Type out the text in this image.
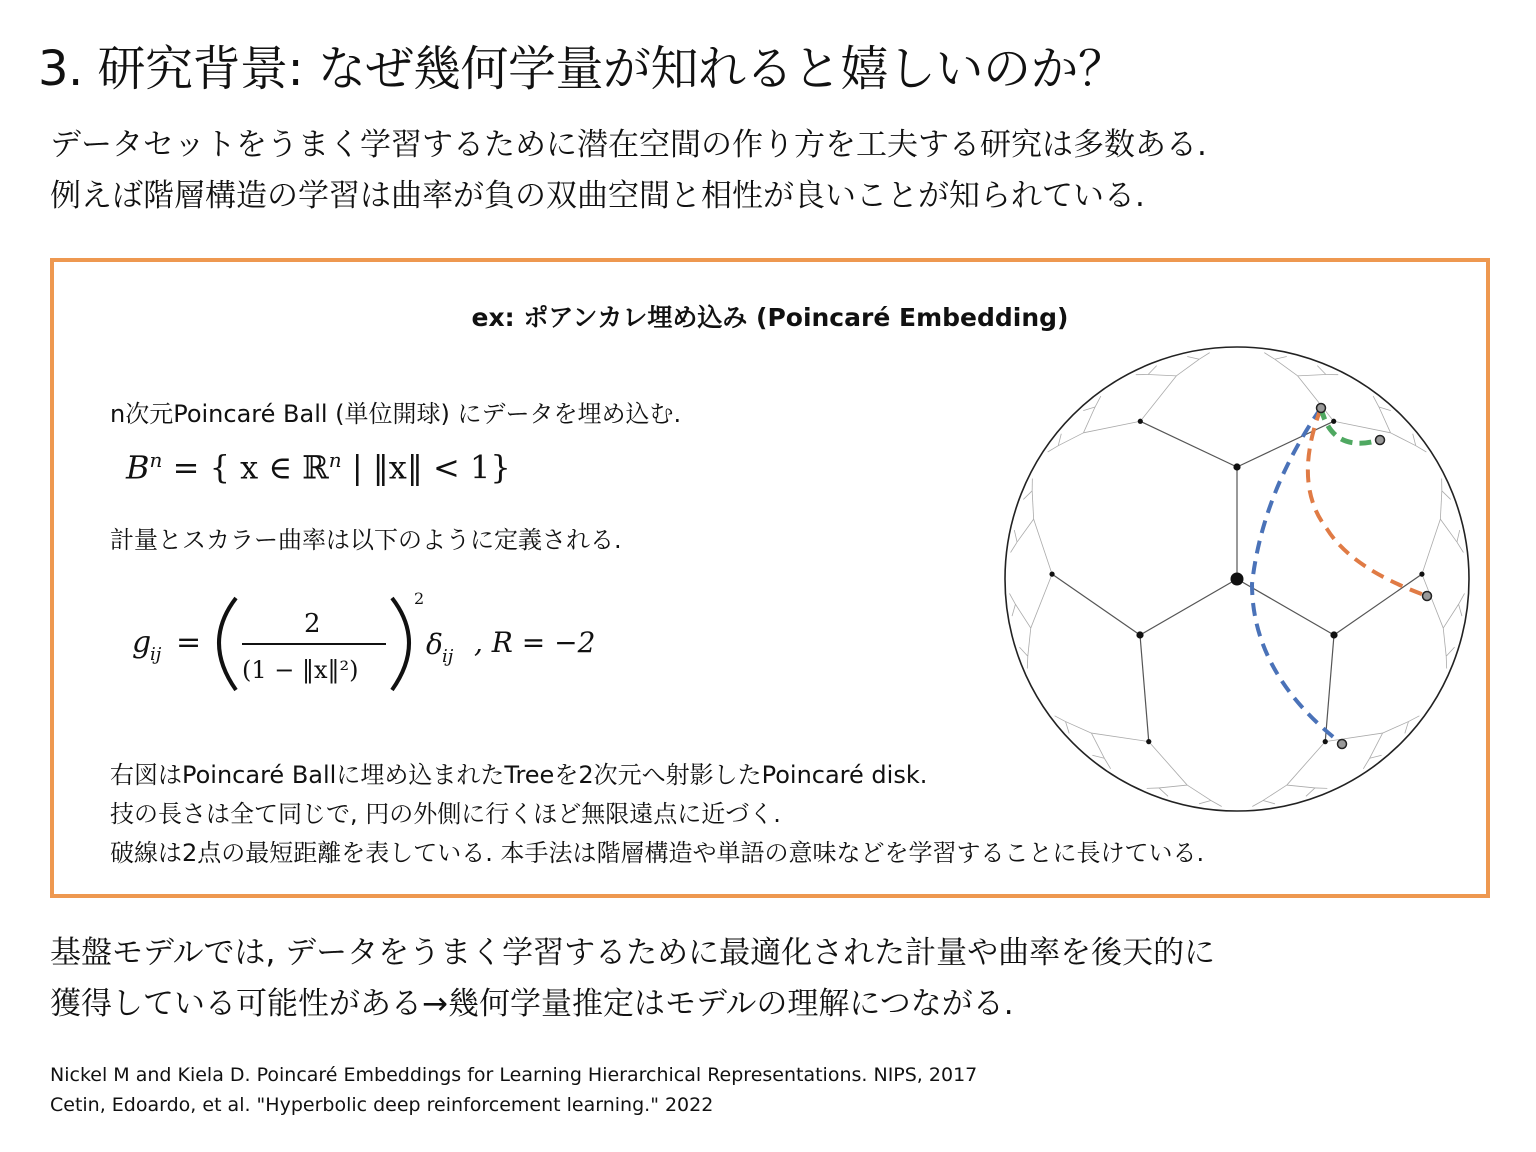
3. 研究背景: なぜ幾何学量が知れると嬉しいのか？
データセットをうまく学習するために潜在空間の作り方を工夫する研究は多数ある.
例えば階層構造の学習は曲率が負の双曲空間と相性が良いことが知られている.
ex: ポアンカレ埋め込み (Poincaré Embedding)
n次元Poincaré Ball (単位開球) にデータを埋め込む.
$B^n$ = { x ∈ ℝ$^n$ | ‖x‖ < 1}
計量とスカラー曲率は以下のように定義される.
g
ij =
2
(1 − ‖x‖²)
2
δ ij , R = −2
右図はPoincaré Ballに埋め込まれたTreeを2次元へ射影したPoincaré disk.
技の長さは全て同じで, 円の外側に行くほど無限遠点に近づく.
破線は2点の最短距離を表している. 本手法は階層構造や単語の意味などを学習することに長けている.
基盤モデルでは, データをうまく学習するために最適化された計量や曲率を後天的に
獲得している可能性がある→幾何学量推定はモデルの理解につながる.
Nickel M and Kiela D. Poincaré Embeddings for Learning Hierarchical Representations. NIPS, 2017
Cetin, Edoardo, et al. "Hyperbolic deep reinforcement learning." 2022
